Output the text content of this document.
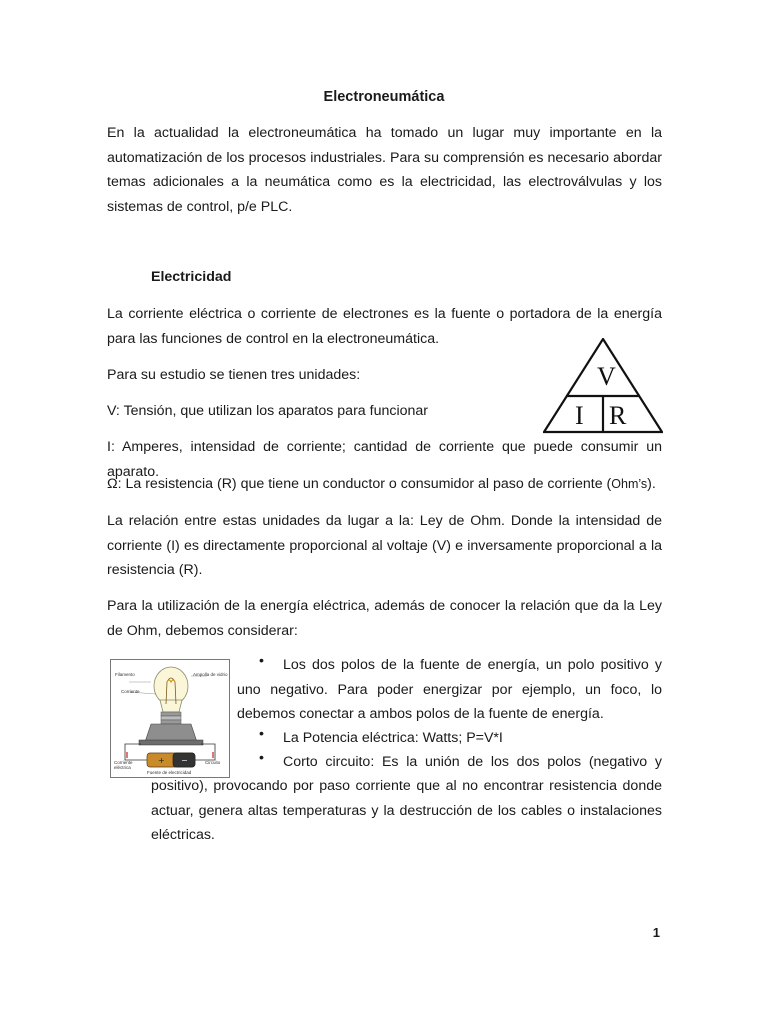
Electroneumática
En la actualidad la electroneumática ha tomado un lugar muy importante en la automatización de los procesos industriales. Para su comprensión es necesario abordar temas adicionales a la neumática como es la electricidad, las electroválvulas y los sistemas de control, p/e PLC.
Electricidad
La corriente eléctrica o corriente de electrones es la fuente o portadora de la energía para las funciones de control en la electroneumática.
Para su estudio se tienen tres unidades:
V: Tensión, que utilizan los aparatos para funcionar
I: Amperes, intensidad de corriente; cantidad de corriente que puede consumir un aparato.
Ω: La resistencia (R) que tiene un conductor o consumidor al paso de corriente (Ohm’s).
La relación entre estas unidades da lugar a la: Ley de Ohm. Donde la intensidad de corriente (I) es directamente proporcional al voltaje (V) e inversamente proporcional a la resistencia (R).
Para la utilización de la energía eléctrica, además de conocer la relación que da la Ley de Ohm, debemos considerar:
V
I R
+ −
Filamento	Ampolla de vidrio
Corriente
Corriente eléctrica
Circuito
Fuente de electricidad
•	Los dos polos de la fuente de energía, un polo positivo y uno negativo. Para poder energizar por ejemplo, un foco, lo debemos conectar a ambos polos de la fuente de energía.
•	La Potencia eléctrica: Watts; P=V*I
•	Corto circuito: Es la unión de los dos polos (negativo y
positivo), provocando por paso corriente que al no encontrar resistencia donde actuar, genera altas temperaturas y la destrucción de los cables o instalaciones eléctricas.
1
